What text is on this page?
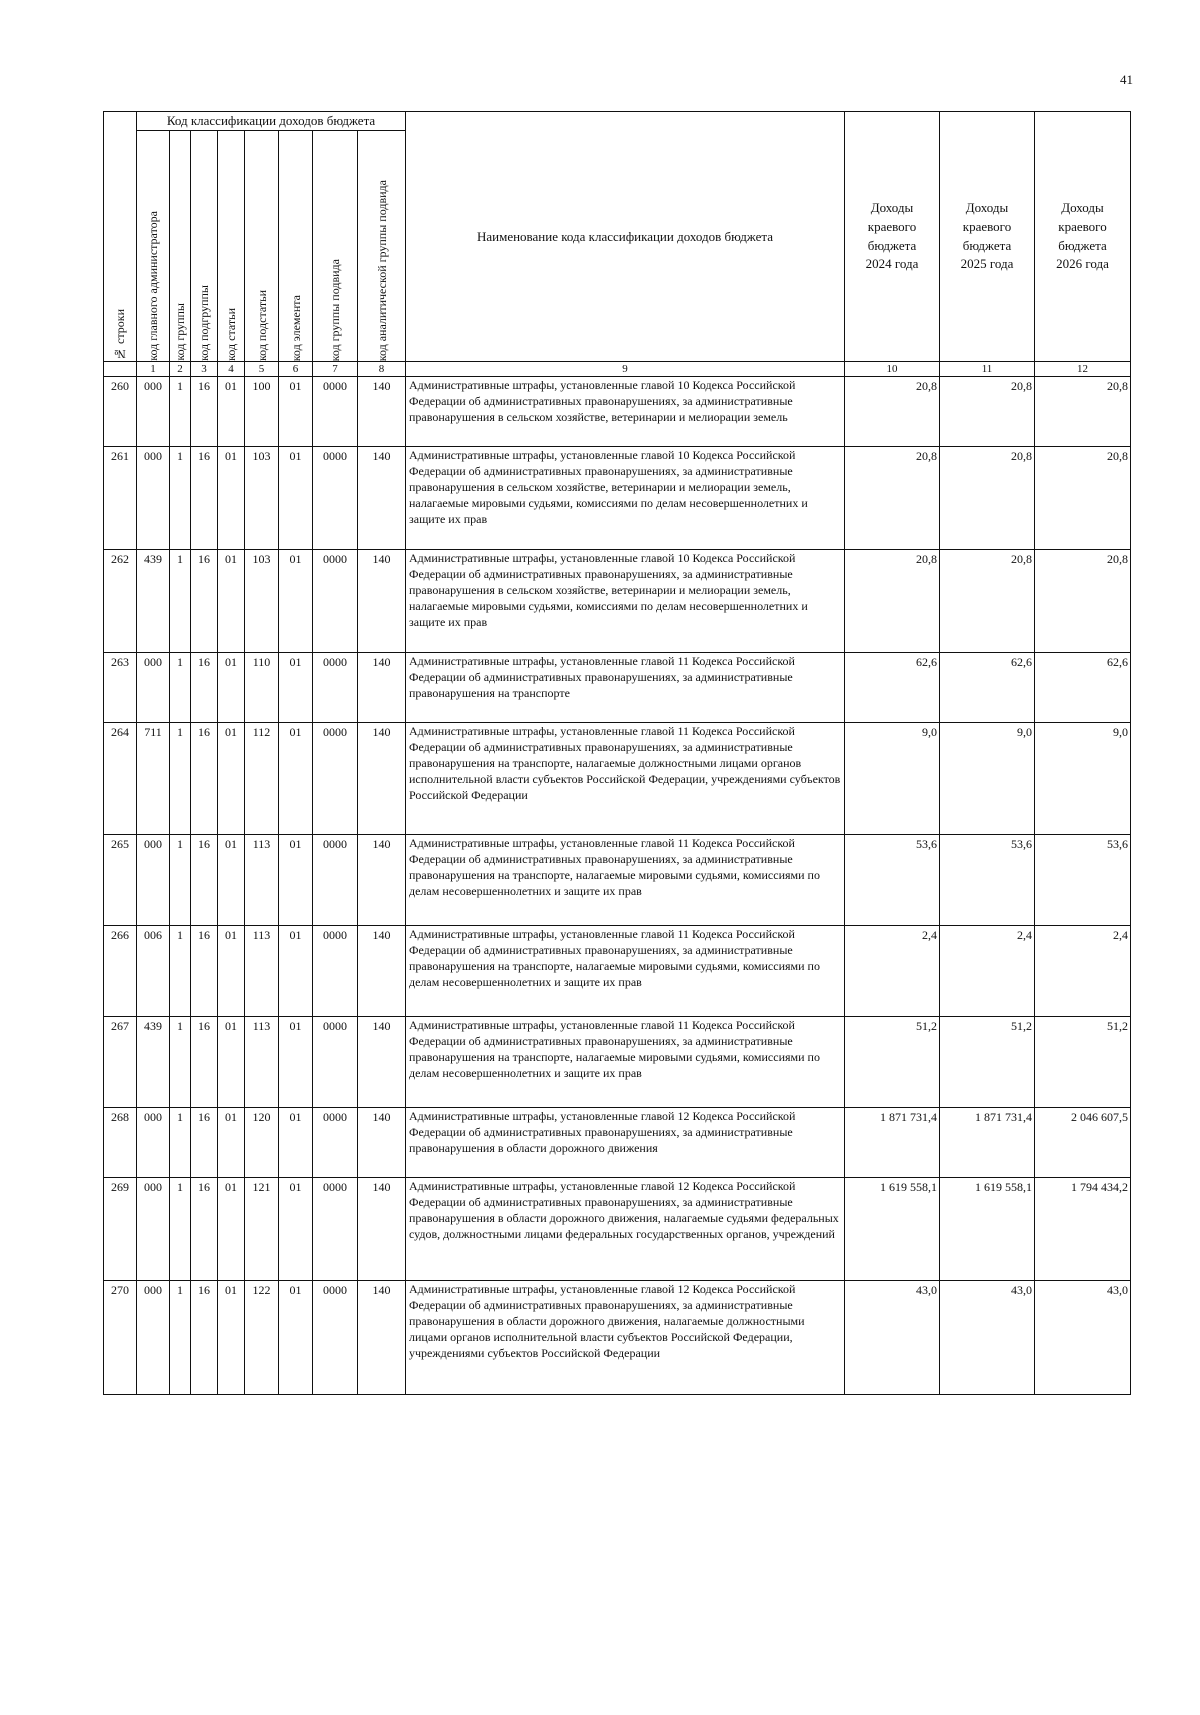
41
№ строки	Код классификации доходов бюджета								Наименование кода классификации доходов бюджета	Доходы
краевого
бюджета
2024 года	Доходы
краевого
бюджета
2025 года	Доходы
краевого
бюджета
2026 года

	код главного администратора	код группы	код подгруппы	код статьи	код подстатьи	код элемента	код группы подвида	код аналитической группы подвида				

	1	2	3	4	5	6	7	8	9	10	11	12
260	000	1	16	01	100	01	0000	140	Административные штрафы, установленные главой 10 Кодекса Российской Федерации об административных правонарушениях, за административные правонарушения в сельском хозяйстве, ветеринарии и мелиорации земель	20,8	20,8	20,8
261	000	1	16	01	103	01	0000	140	Административные штрафы, установленные главой 10 Кодекса Российской Федерации об административных правонарушениях, за административные правонарушения в сельском хозяйстве, ветеринарии и мелиорации земель, налагаемые мировыми судьями, комиссиями по делам несовершеннолетних и защите их прав	20,8	20,8	20,8
262	439	1	16	01	103	01	0000	140	Административные штрафы, установленные главой 10 Кодекса Российской Федерации об административных правонарушениях, за административные правонарушения в сельском хозяйстве, ветеринарии и мелиорации земель, налагаемые мировыми судьями, комиссиями по делам несовершеннолетних и защите их прав	20,8	20,8	20,8
263	000	1	16	01	110	01	0000	140	Административные штрафы, установленные главой 11 Кодекса Российской Федерации об административных правонарушениях, за административные правонарушения на транспорте	62,6	62,6	62,6
264	711	1	16	01	112	01	0000	140	Административные штрафы, установленные главой 11 Кодекса Российской Федерации об административных правонарушениях, за административные правонарушения на транспорте, налагаемые должностными лицами органов исполнительной власти субъектов Российской Федерации, учреждениями субъектов Российской Федерации	9,0	9,0	9,0
265	000	1	16	01	113	01	0000	140	Административные штрафы, установленные главой 11 Кодекса Российской Федерации об административных правонарушениях, за административные правонарушения на транспорте, налагаемые мировыми судьями, комиссиями по делам несовершеннолетних и защите их прав	53,6	53,6	53,6
266	006	1	16	01	113	01	0000	140	Административные штрафы, установленные главой 11 Кодекса Российской Федерации об административных правонарушениях, за административные правонарушения на транспорте, налагаемые мировыми судьями, комиссиями по делам несовершеннолетних и защите их прав	2,4	2,4	2,4
267	439	1	16	01	113	01	0000	140	Административные штрафы, установленные главой 11 Кодекса Российской Федерации об административных правонарушениях, за административные правонарушения на транспорте, налагаемые мировыми судьями, комиссиями по делам несовершеннолетних и защите их прав	51,2	51,2	51,2
268	000	1	16	01	120	01	0000	140	Административные штрафы, установленные главой 12 Кодекса Российской Федерации об административных правонарушениях, за административные правонарушения в области дорожного движения	1 871 731,4	1 871 731,4	2 046 607,5
269	000	1	16	01	121	01	0000	140	Административные штрафы, установленные главой 12 Кодекса Российской Федерации об административных правонарушениях, за административные правонарушения в области дорожного движения, налагаемые судьями федеральных судов, должностными лицами федеральных государственных органов, учреждений	1 619 558,1	1 619 558,1	1 794 434,2
270	000	1	16	01	122	01	0000	140	Административные штрафы, установленные главой 12 Кодекса Российской Федерации об административных правонарушениях, за административные правонарушения в области дорожного движения, налагаемые должностными лицами органов исполнительной власти субъектов Российской Федерации, учреждениями субъектов Российской Федерации	43,0	43,0	43,0
